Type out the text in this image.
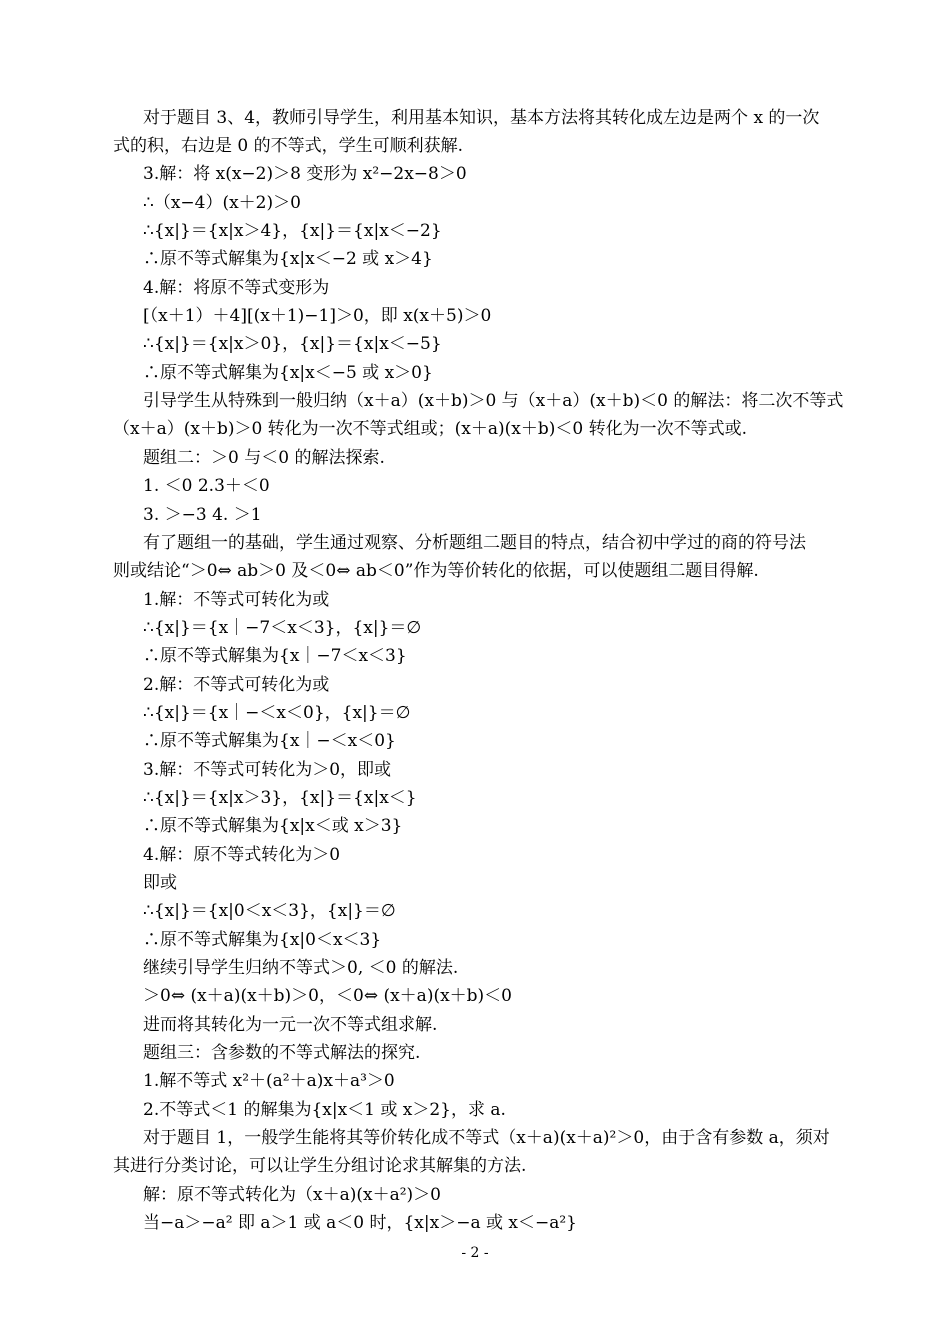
对于题目 3、4，教师引导学生，利用基本知识，基本方法将其转化成左边是两个 x 的一次
式的积，右边是 0 的不等式，学生可顺利获解.
3.解：将 x(x−2)＞8 变形为 x²−2x−8＞0
∴（x−4）(x＋2)＞0
∴{x|}＝{x|x＞4}，{x|}＝{x|x＜−2}
∴原不等式解集为{x|x＜−2 或 x＞4}
4.解：将原不等式变形为
[（x＋1）＋4][(x＋1)−1]＞0，即 x(x＋5)＞0
∴{x|}＝{x|x＞0}，{x|}＝{x|x＜−5}
∴原不等式解集为{x|x＜−5 或 x＞0}
引导学生从特殊到一般归纳（x＋a）(x＋b)＞0 与（x＋a）(x＋b)＜0 的解法：将二次不等式
（x＋a）(x＋b)＞0 转化为一次不等式组或；(x＋a)(x＋b)＜0 转化为一次不等式或.
题组二：＞0 与＜0 的解法探索.
1. ＜0 2.3＋＜0
3. ＞−3 4. ＞1
有了题组一的基础，学生通过观察、分析题组二题目的特点，结合初中学过的商的符号法
则或结论“＞0⇔ ab＞0 及＜0⇔ ab＜0”作为等价转化的依据，可以使题组二题目得解.
1.解：不等式可转化为或
∴{x|}＝{x｜−7＜x＜3}，{x|}＝∅
∴原不等式解集为{x｜−7＜x＜3}
2.解：不等式可转化为或
∴{x|}＝{x｜−＜x＜0}，{x|}＝∅
∴原不等式解集为{x｜−＜x＜0}
3.解：不等式可转化为＞0，即或
∴{x|}＝{x|x＞3}，{x|}＝{x|x＜}
∴原不等式解集为{x|x＜或 x＞3}
4.解：原不等式转化为＞0
即或
∴{x|}＝{x|0＜x＜3}，{x|}＝∅
∴原不等式解集为{x|0＜x＜3}
继续引导学生归纳不等式＞0, ＜0 的解法.
＞0⇔ (x＋a)(x＋b)＞0，＜0⇔ (x＋a)(x＋b)＜0
进而将其转化为一元一次不等式组求解.
题组三：含参数的不等式解法的探究.
1.解不等式 x²＋(a²＋a)x＋a³＞0
2.不等式＜1 的解集为{x|x＜1 或 x＞2}，求 a.
对于题目 1，一般学生能将其等价转化成不等式（x＋a)(x＋a)²＞0，由于含有参数 a，须对
其进行分类讨论，可以让学生分组讨论求其解集的方法.
解：原不等式转化为（x＋a)(x＋a²)＞0
当−a＞−a² 即 a＞1 或 a＜0 时，{x|x＞−a 或 x＜−a²}
- 2 -
